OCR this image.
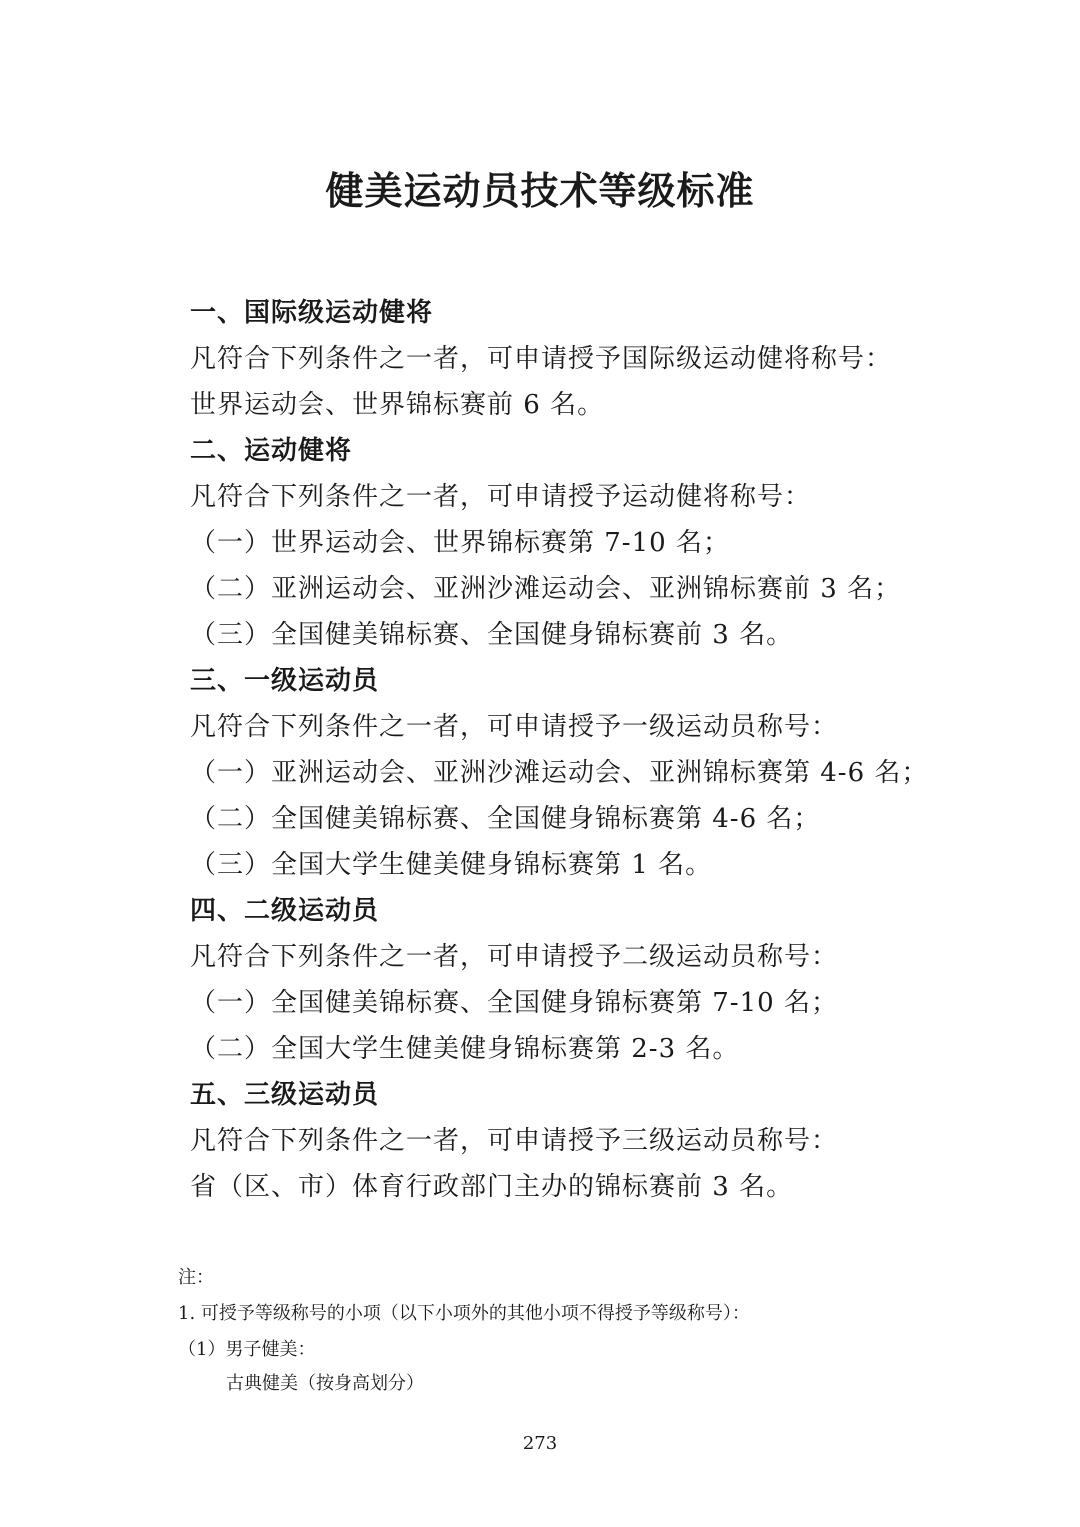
健美运动员技术等级标准
一、国际级运动健将
凡符合下列条件之一者，可申请授予国际级运动健将称号：
世界运动会、世界锦标赛前 6 名。
二、运动健将
凡符合下列条件之一者，可申请授予运动健将称号：
（一）世界运动会、世界锦标赛第 7-10 名；
（二）亚洲运动会、亚洲沙滩运动会、亚洲锦标赛前 3 名；
（三）全国健美锦标赛、全国健身锦标赛前 3 名。
三、一级运动员
凡符合下列条件之一者，可申请授予一级运动员称号：
（一）亚洲运动会、亚洲沙滩运动会、亚洲锦标赛第 4-6 名；
（二）全国健美锦标赛、全国健身锦标赛第 4-6 名；
（三）全国大学生健美健身锦标赛第 1 名。
四、二级运动员
凡符合下列条件之一者，可申请授予二级运动员称号：
（一）全国健美锦标赛、全国健身锦标赛第 7-10 名；
（二）全国大学生健美健身锦标赛第 2-3 名。
五、三级运动员
凡符合下列条件之一者，可申请授予三级运动员称号：
省（区、市）体育行政部门主办的锦标赛前 3 名。
注：
1. 可授予等级称号的小项（以下小项外的其他小项不得授予等级称号）：
（1）男子健美：
古典健美（按身高划分）
273
